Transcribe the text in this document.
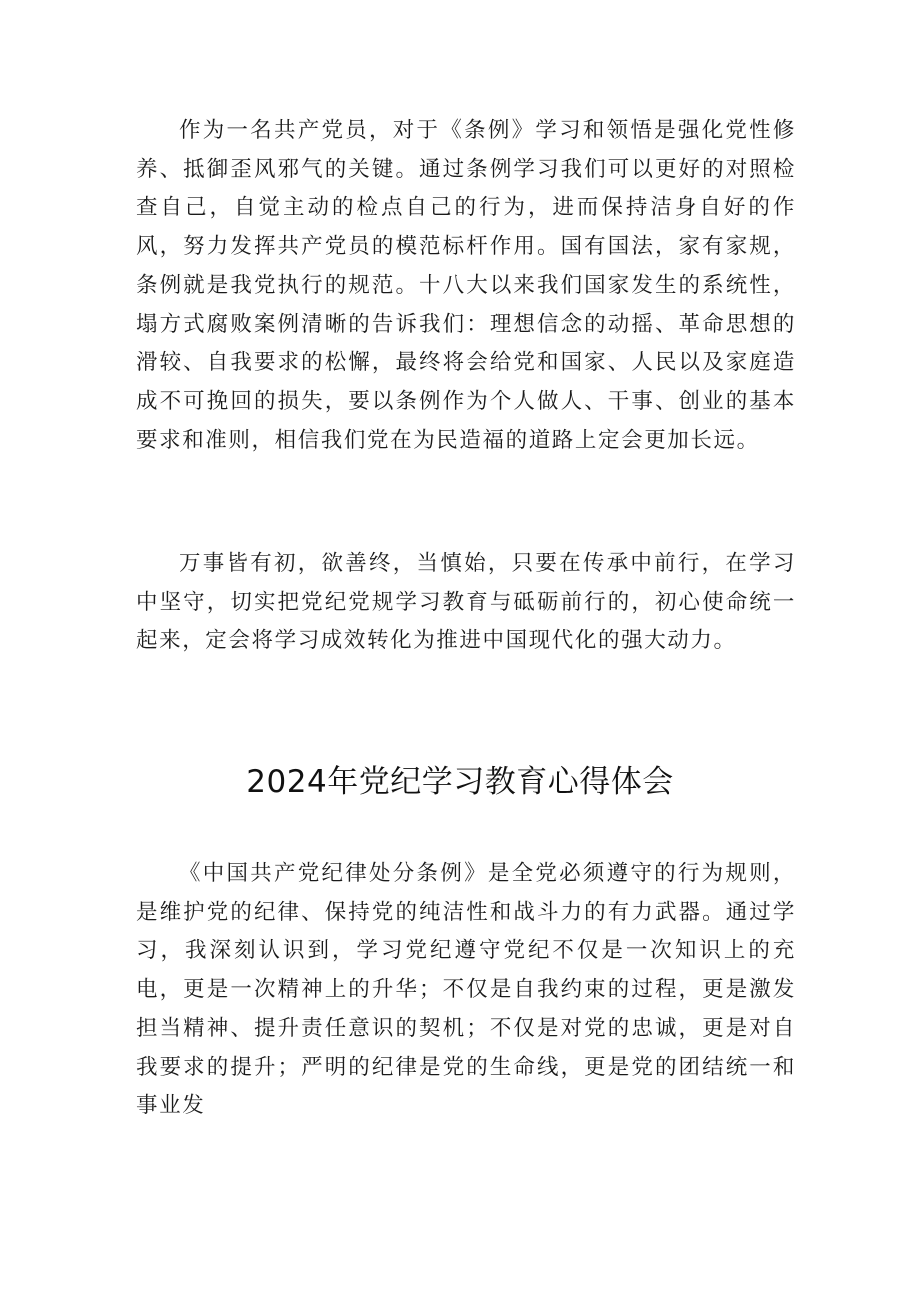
作为一名共产党员，对于《条例》学习和领悟是强化党性修养、抵御歪风邪气的关键。通过条例学习我们可以更好的对照检查自己，自觉主动的检点自己的行为，进而保持洁身自好的作风，努力发挥共产党员的模范标杆作用。国有国法，家有家规，条例就是我党执行的规范。十八大以来我们国家发生的系统性，塌方式腐败案例清晰的告诉我们：理想信念的动摇、革命思想的滑较、自我要求的松懈，最终将会给党和国家、人民以及家庭造成不可挽回的损失，要以条例作为个人做人、干事、创业的基本要求和准则，相信我们党在为民造福的道路上定会更加长远。

万事皆有初，欲善终，当慎始，只要在传承中前行，在学习中坚守，切实把党纪党规学习教育与砥砺前行的，初心使命统一起来，定会将学习成效转化为推进中国现代化的强大动力。

2024年党纪学习教育心得体会

《中国共产党纪律处分条例》是全党必须遵守的行为规则，是维护党的纪律、保持党的纯洁性和战斗力的有力武器。通过学习，我深刻认识到，学习党纪遵守党纪不仅是一次知识上的充电，更是一次精神上的升华；不仅是自我约束的过程，更是激发担当精神、提升责任意识的契机；不仅是对党的忠诚，更是对自我要求的提升；严明的纪律是党的生命线，更是党的团结统一和事业发
